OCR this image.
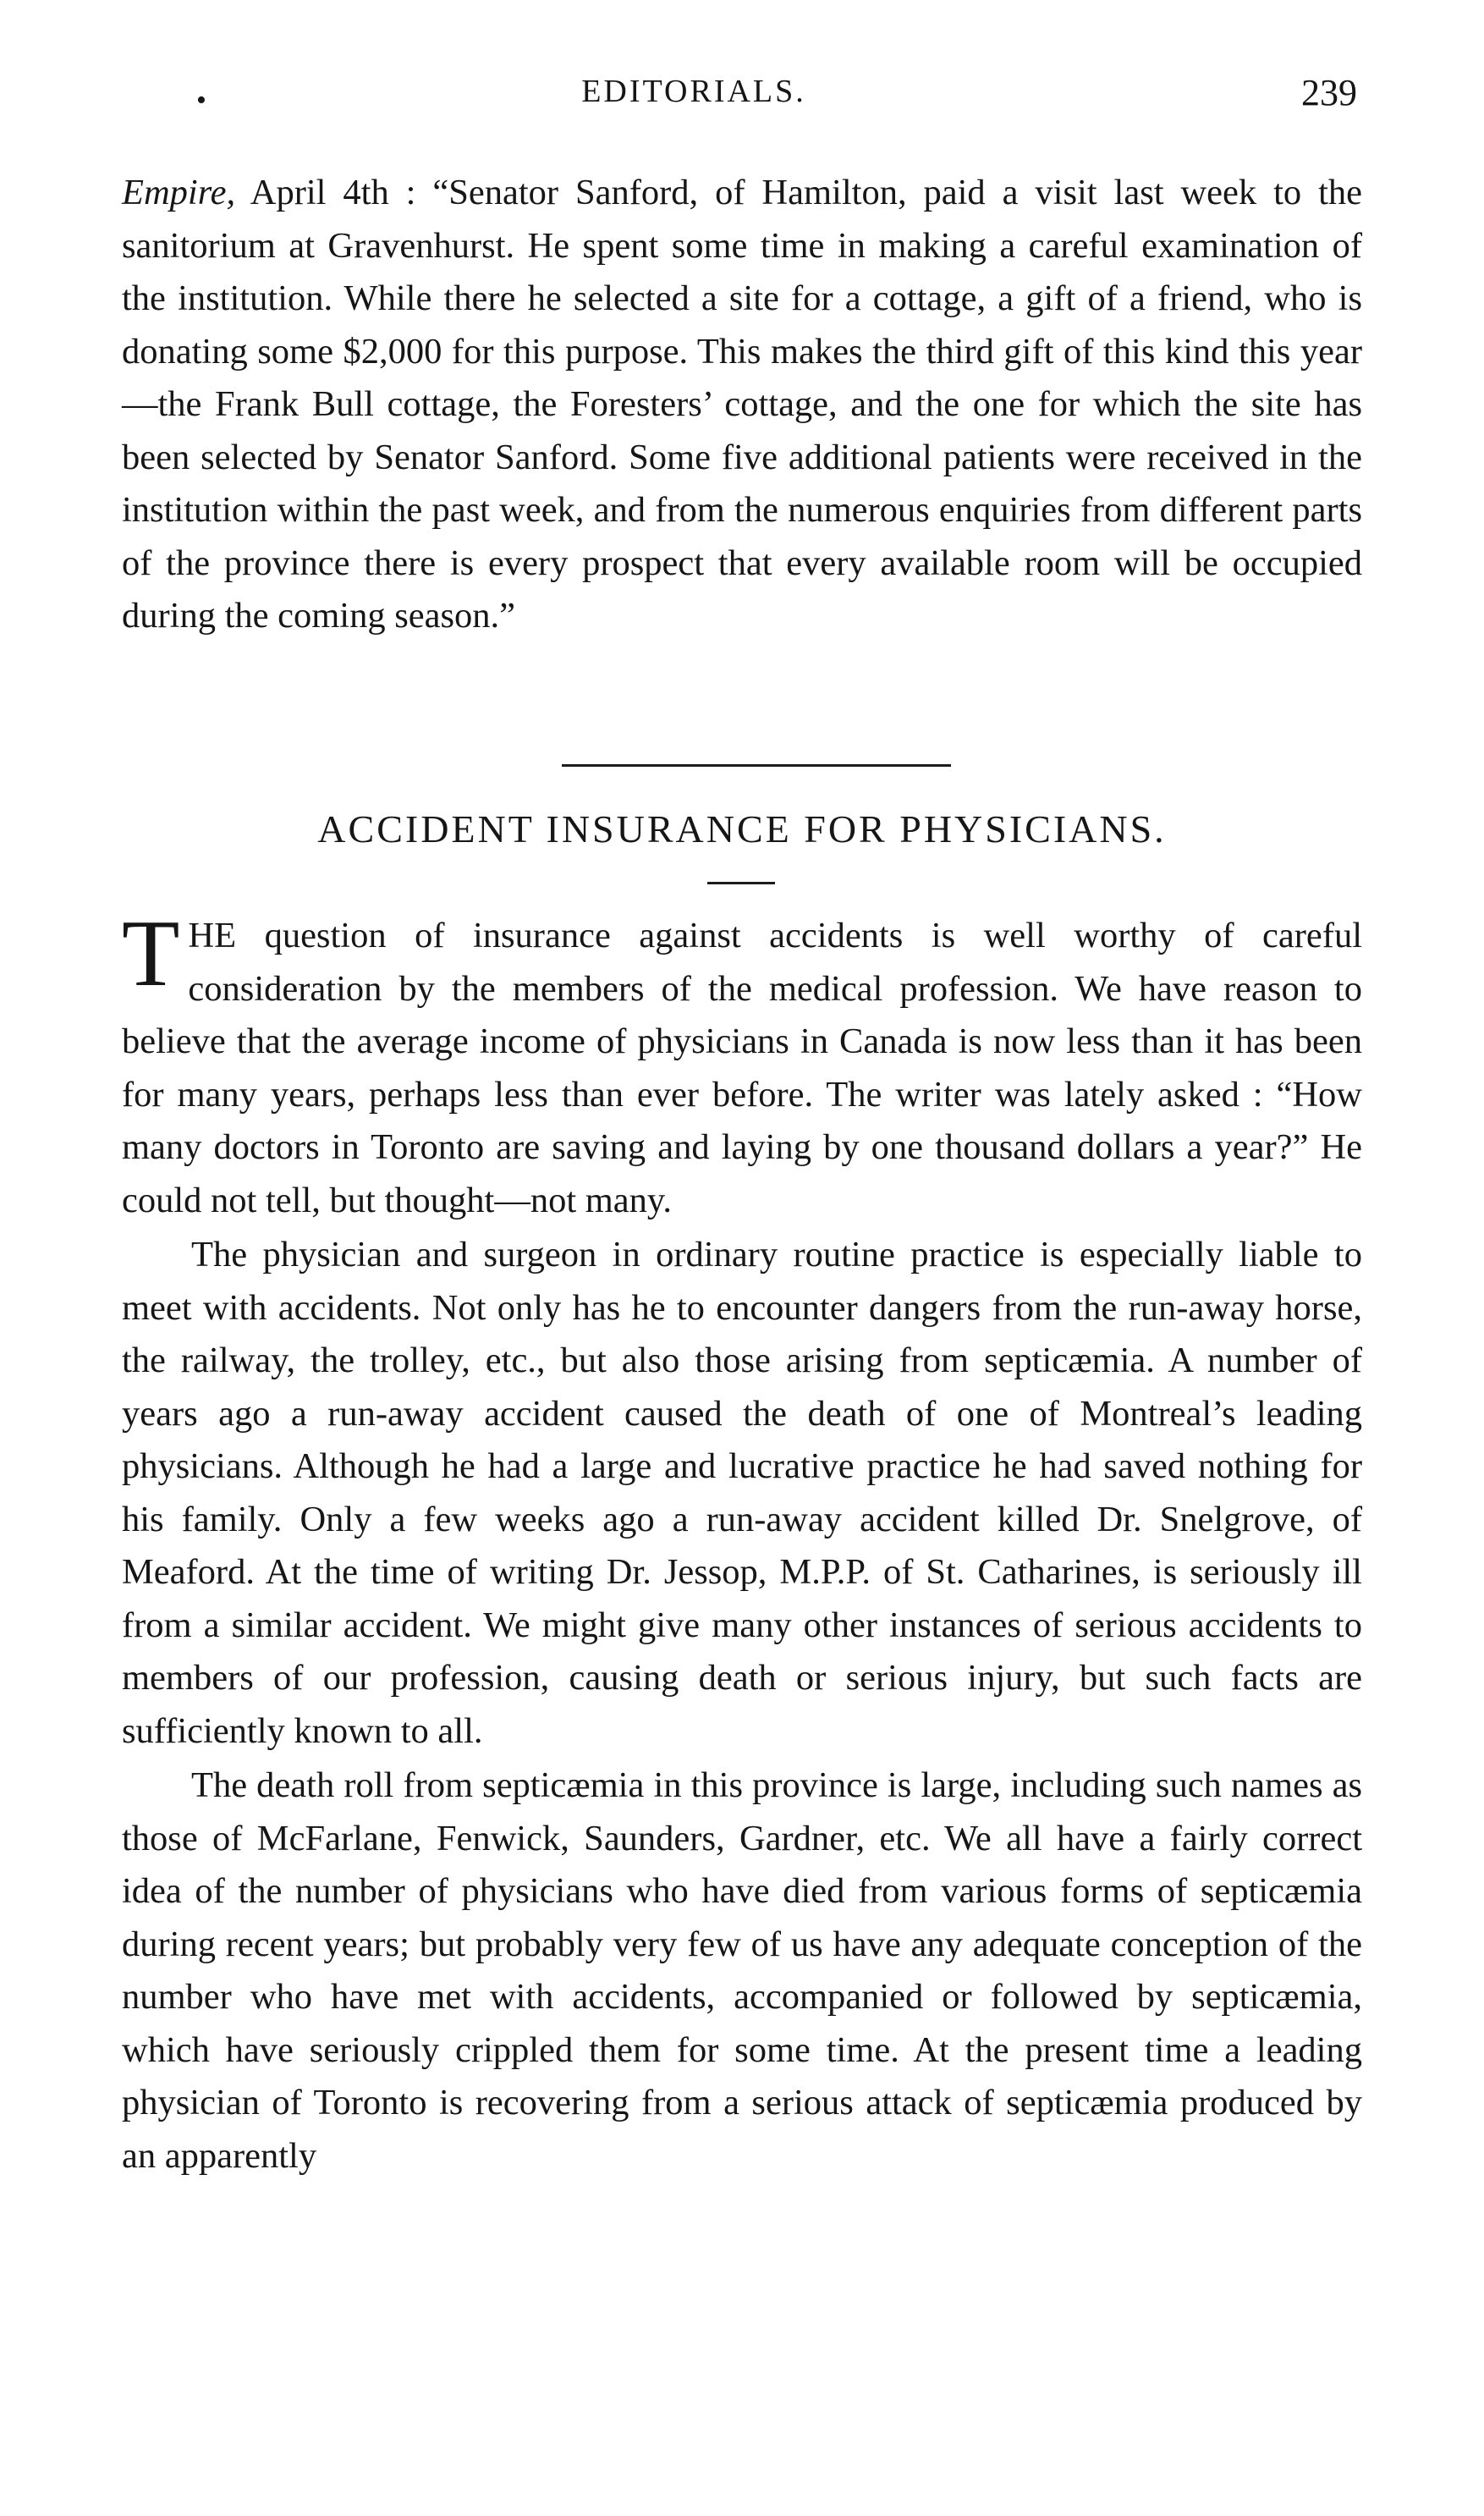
•	EDITORIALS.	239

Empire, April 4th : “Senator Sanford, of Hamilton, paid a visit last week to the sanitorium at Gravenhurst. He spent some time in making a careful examination of the institution. While there he selected a site for a cottage, a gift of a friend, who is donating some $2,000 for this purpose. This makes the third gift of this kind this year—the Frank Bull cottage, the Foresters’ cottage, and the one for which the site has been selected by Senator Sanford. Some five additional patients were received in the institution within the past week, and from the numerous enquiries from different parts of the province there is every prospect that every available room will be occupied during the coming season.”

ACCIDENT INSURANCE FOR PHYSICIANS.

THE question of insurance against accidents is well worthy of careful consideration by the members of the medical profession. We have reason to believe that the average income of physicians in Canada is now less than it has been for many years, perhaps less than ever before. The writer was lately asked : “How many doctors in Toronto are saving and laying by one thousand dollars a year?” He could not tell, but thought—not many.

The physician and surgeon in ordinary routine practice is especially liable to meet with accidents. Not only has he to encounter dangers from the run-away horse, the railway, the trolley, etc., but also those arising from septicæmia. A number of years ago a run-away accident caused the death of one of Montreal’s leading physicians. Although he had a large and lucrative practice he had saved nothing for his family. Only a few weeks ago a run-away accident killed Dr. Snelgrove, of Meaford. At the time of writing Dr. Jessop, M.P.P. of St. Catharines, is seriously ill from a similar accident. We might give many other instances of serious accidents to members of our profession, causing death or serious injury, but such facts are sufficiently known to all.

The death roll from septicæmia in this province is large, including such names as those of McFarlane, Fenwick, Saunders, Gardner, etc. We all have a fairly correct idea of the number of physicians who have died from various forms of septicæmia during recent years; but probably very few of us have any adequate conception of the number who have met with accidents, accompanied or followed by septicæmia, which have seriously crippled them for some time. At the present time a leading physician of Toronto is recovering from a serious attack of septicæmia produced by an apparently
